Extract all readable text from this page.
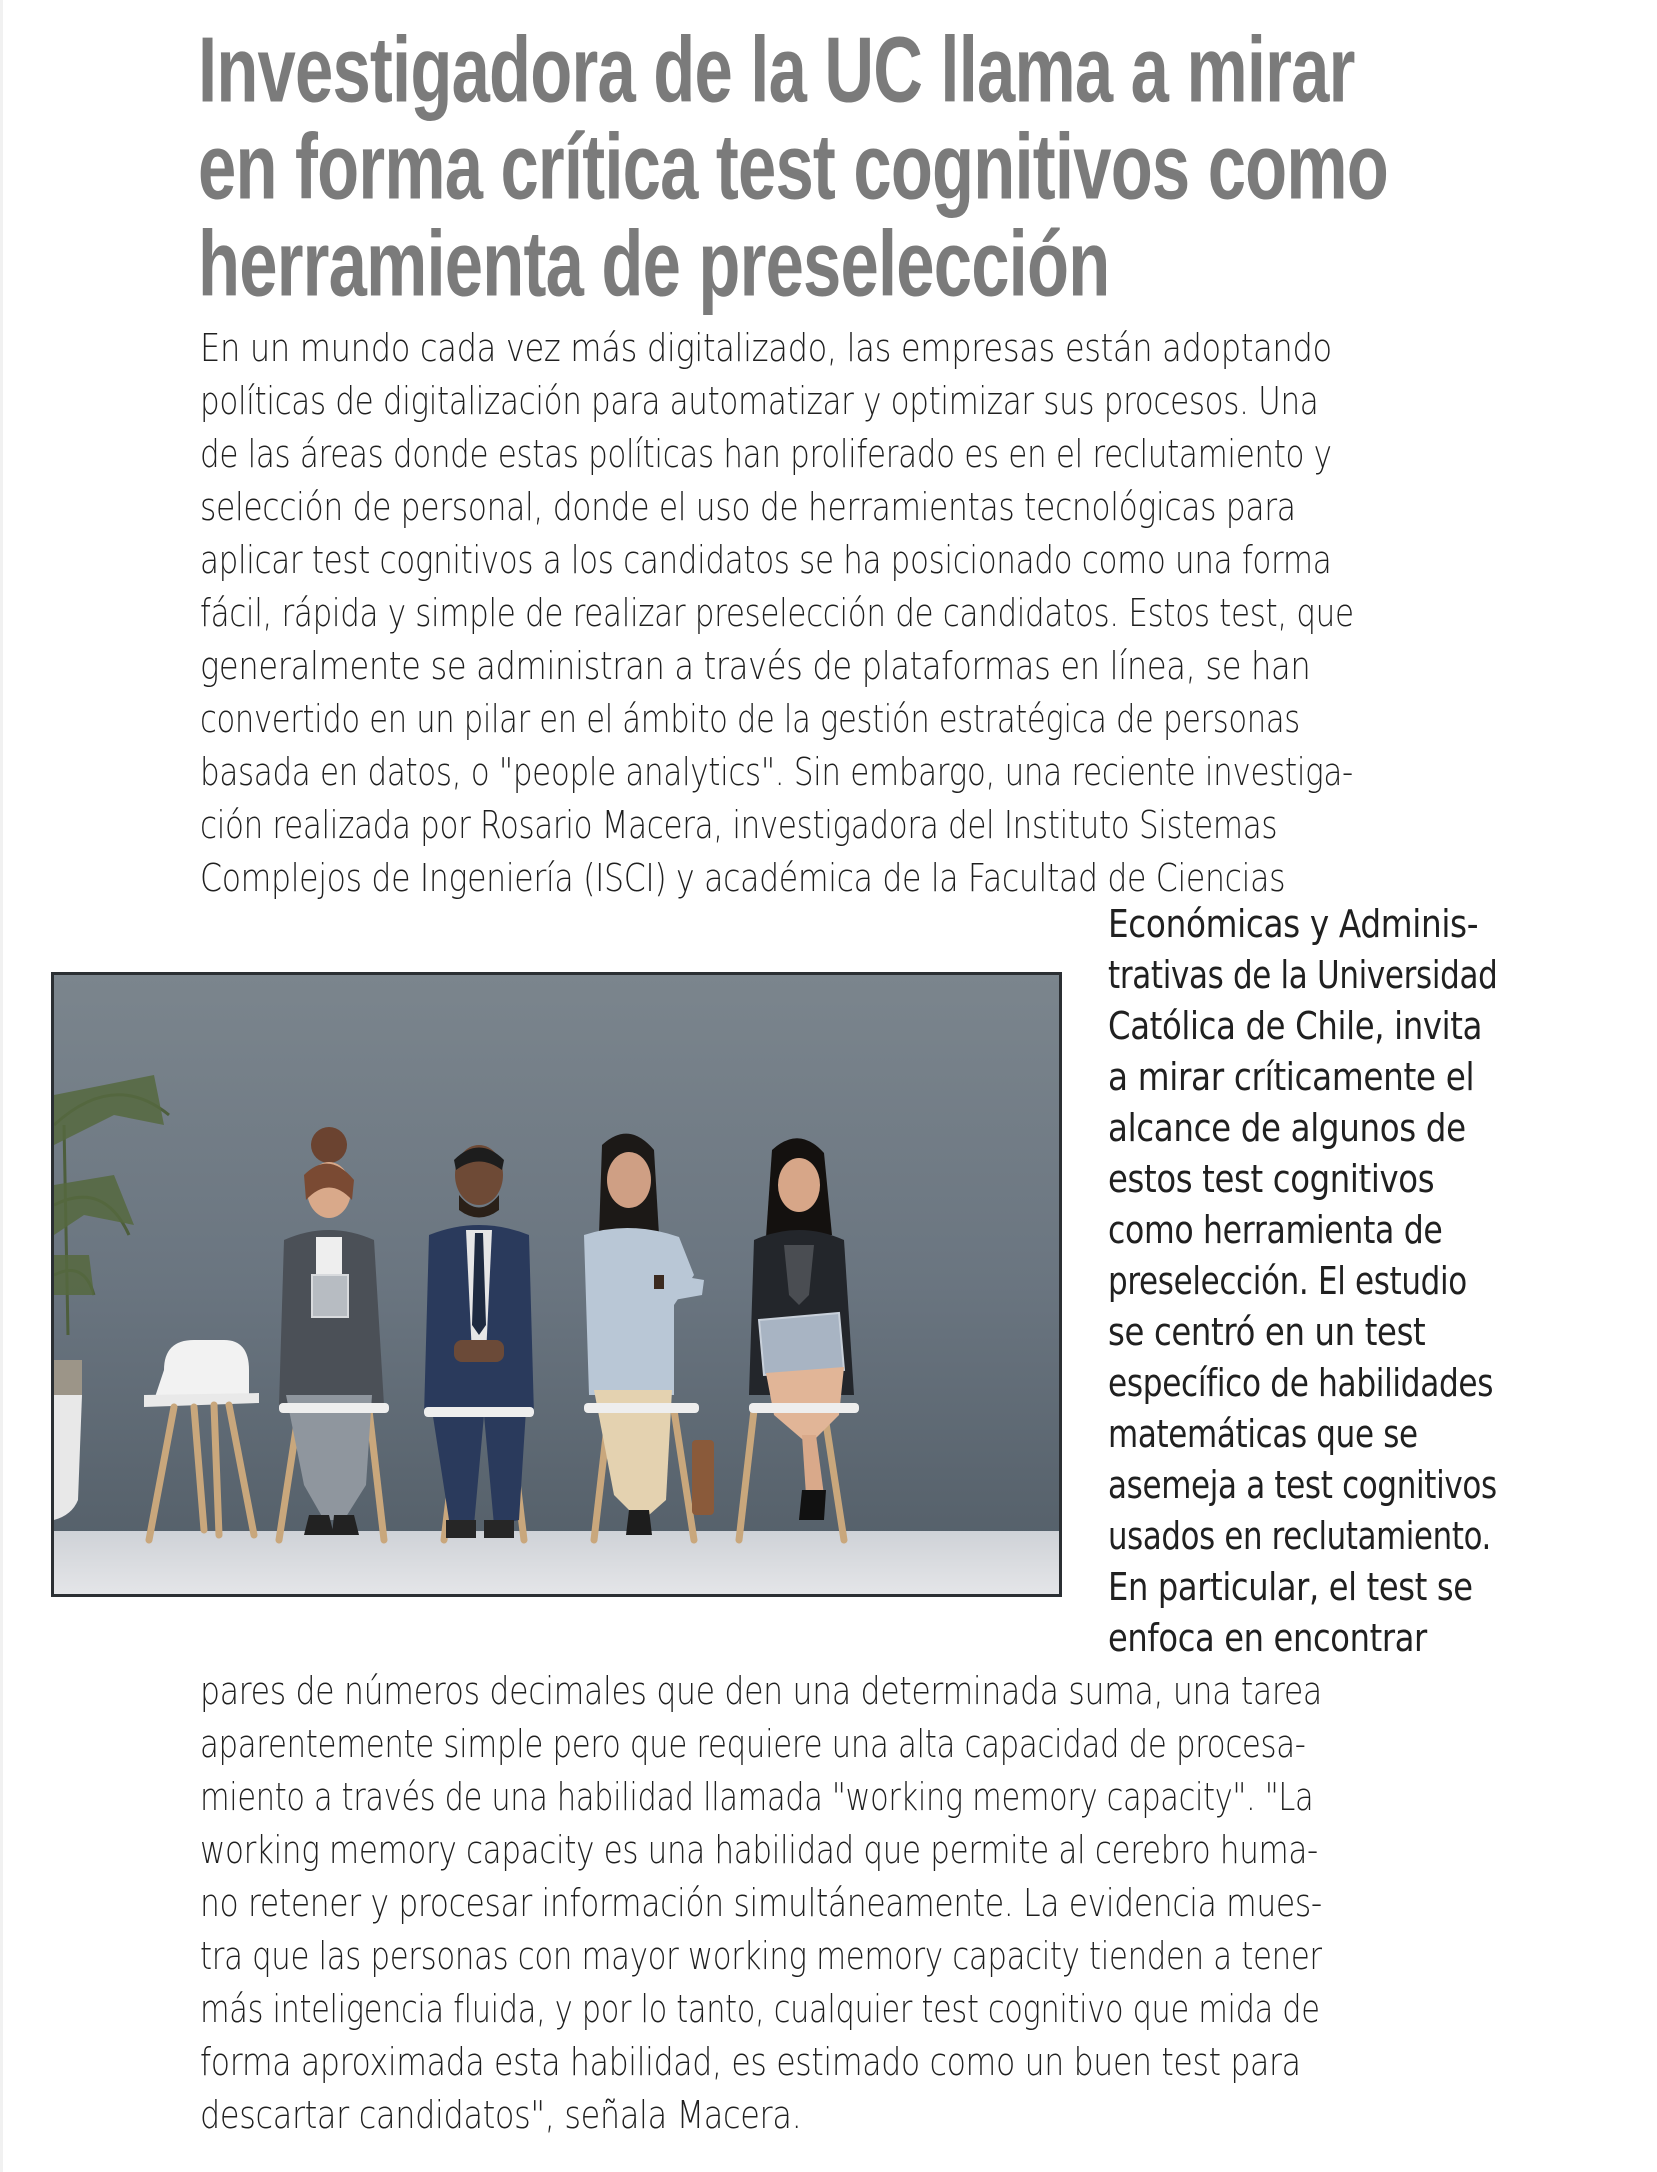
Investigadora de la UC llama a mirar
en forma crítica test cognitivos como
herramienta de preselección
En un mundo cada vez más digitalizado, las empresas están adoptando
políticas de digitalización para automatizar y optimizar sus procesos. Una
de las áreas donde estas políticas han proliferado es en el reclutamiento y
selección de personal, donde el uso de herramientas tecnológicas para
aplicar test cognitivos a los candidatos se ha posicionado como una forma
fácil, rápida y simple de realizar preselección de candidatos. Estos test, que
generalmente se administran a través de plataformas en línea, se han
convertido en un pilar en el ámbito de la gestión estratégica de personas
basada en datos, o "people analytics". Sin embargo, una reciente investiga-
ción realizada por Rosario Macera, investigadora del Instituto Sistemas
Complejos de Ingeniería (ISCI) y académica de la Facultad de Ciencias
Económicas y Adminis-
trativas de la Universidad
Católica de Chile, invita
a mirar críticamente el
alcance de algunos de
estos test cognitivos
como herramienta de
preselección. El estudio
se centró en un test
específico de habilidades
matemáticas que se
asemeja a test cognitivos
usados en reclutamiento.
En particular, el test se
enfoca en encontrar
pares de números decimales que den una determinada suma, una tarea
aparentemente simple pero que requiere una alta capacidad de procesa-
miento a través de una habilidad llamada "working memory capacity". "La
working memory capacity es una habilidad que permite al cerebro huma-
no retener y procesar información simultáneamente. La evidencia mues-
tra que las personas con mayor working memory capacity tienden a tener
más inteligencia fluida, y por lo tanto, cualquier test cognitivo que mida de
forma aproximada esta habilidad, es estimado como un buen test para
descartar candidatos", señala Macera.
